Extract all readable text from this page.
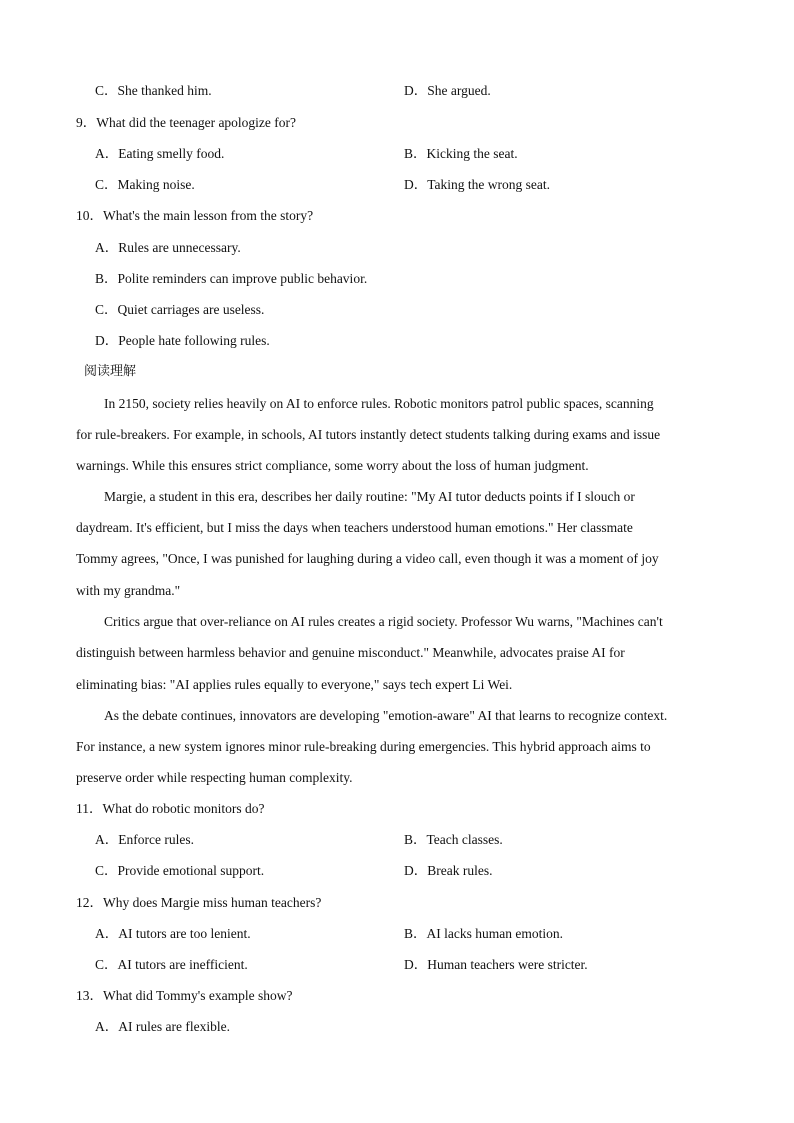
C．She thanked him.	D．She argued.
9．What did the teenager apologize for?
A．Eating smelly food.	B．Kicking the seat.
C．Making noise.	D．Taking the wrong seat.
10．What's the main lesson from the story?
A．Rules are unnecessary.
B．Polite reminders can improve public behavior.
C．Quiet carriages are useless.
D．People hate following rules.
阅读理解
In 2150, society relies heavily on AI to enforce rules. Robotic monitors patrol public spaces, scanning
for rule-breakers. For example, in schools, AI tutors instantly detect students talking during exams and issue
warnings. While this ensures strict compliance, some worry about the loss of human judgment.
Margie, a student in this era, describes her daily routine: "My AI tutor deducts points if I slouch or
daydream. It's efficient, but I miss the days when teachers understood human emotions." Her classmate
Tommy agrees, "Once, I was punished for laughing during a video call, even though it was a moment of joy
with my grandma."
Critics argue that over-reliance on AI rules creates a rigid society. Professor Wu warns, "Machines can't
distinguish between harmless behavior and genuine misconduct." Meanwhile, advocates praise AI for
eliminating bias: "AI applies rules equally to everyone," says tech expert Li Wei.
As the debate continues, innovators are developing "emotion-aware" AI that learns to recognize context.
For instance, a new system ignores minor rule-breaking during emergencies. This hybrid approach aims to
preserve order while respecting human complexity.
11．What do robotic monitors do?
A．Enforce rules.	B．Teach classes.
C．Provide emotional support.	D．Break rules.
12．Why does Margie miss human teachers?
A．AI tutors are too lenient.	B．AI lacks human emotion.
C．AI tutors are inefficient.	D．Human teachers were stricter.
13．What did Tommy's example show?
A．AI rules are flexible.
